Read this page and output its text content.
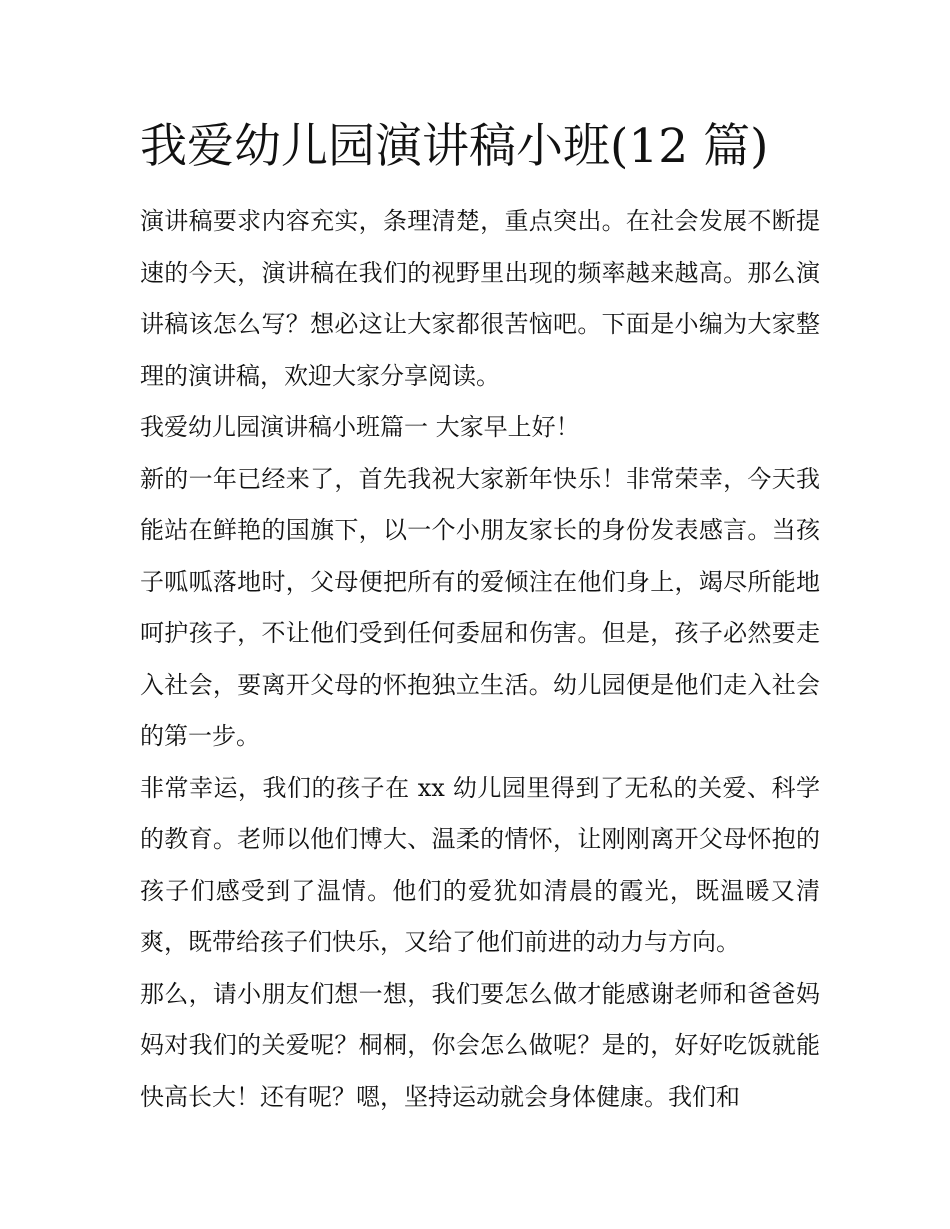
我爱幼儿园演讲稿小班(12 篇)

演讲稿要求内容充实，条理清楚，重点突出。在社会发展不断提速的今天，演讲稿在我们的视野里出现的频率越来越高。那么演讲稿该怎么写？想必这让大家都很苦恼吧。下面是小编为大家整理的演讲稿，欢迎大家分享阅读。

我爱幼儿园演讲稿小班篇一 大家早上好！

新的一年已经来了，首先我祝大家新年快乐！非常荣幸，今天我能站在鲜艳的国旗下，以一个小朋友家长的身份发表感言。当孩子呱呱落地时，父母便把所有的爱倾注在他们身上，竭尽所能地呵护孩子，不让他们受到任何委屈和伤害。但是，孩子必然要走入社会，要离开父母的怀抱独立生活。幼儿园便是他们走入社会的第一步。

非常幸运，我们的孩子在 xx 幼儿园里得到了无私的关爱、科学的教育。老师以他们博大、温柔的情怀，让刚刚离开父母怀抱的孩子们感受到了温情。他们的爱犹如清晨的霞光，既温暖又清爽，既带给孩子们快乐，又给了他们前进的动力与方向。

那么，请小朋友们想一想，我们要怎么做才能感谢老师和爸爸妈妈对我们的关爱呢？桐桐，你会怎么做呢？是的，好好吃饭就能快高长大！还有呢？嗯，坚持运动就会身体健康。我们和
